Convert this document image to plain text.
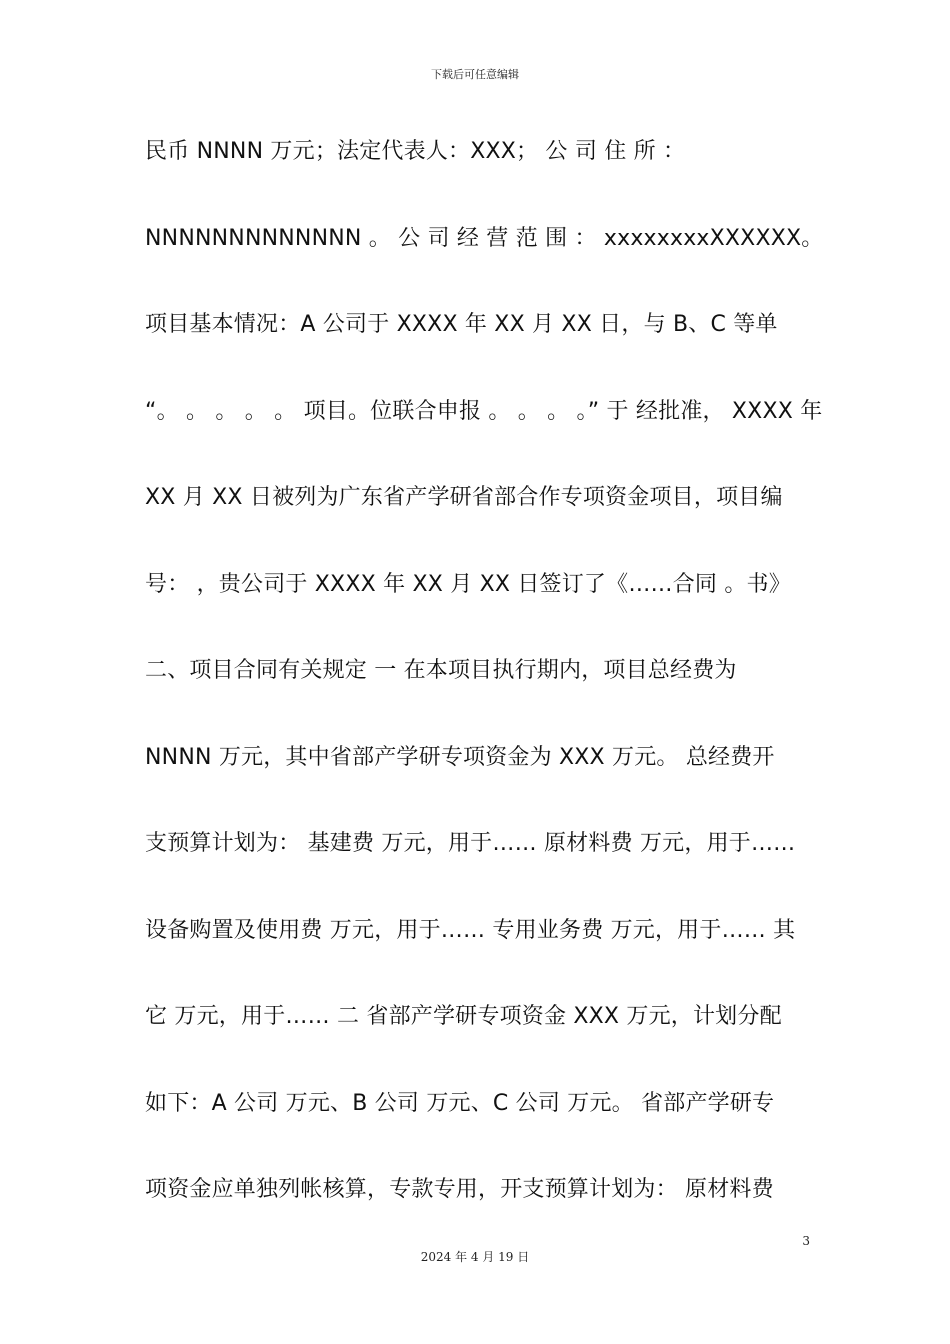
下载后可任意编辑
民币 NNNN 万元；法定代表人：XXX； 公 司 住 所 ：
NNNNNNNNNNNNN 。 公 司 经 营 范 围 ： xxxxxxxxXXXXXX。
项目基本情况：A 公司于 XXXX 年 XX 月 XX 日，与 B、C 等单
“。 。 。 。 。 项目。位联合申报 。 。 。 。” 于 经批准， XXXX 年
XX 月 XX 日被列为广东省产学研省部合作专项资金项目，项目编
号： ，贵公司于 XXXX 年 XX 月 XX 日签订了《……合同 。书》
二、项目合同有关规定 一 在本项目执行期内，项目总经费为
NNNN 万元，其中省部产学研专项资金为 XXX 万元。 总经费开
支预算计划为： 基建费 万元，用于…… 原材料费 万元，用于……
设备购置及使用费 万元，用于…… 专用业务费 万元，用于…… 其
它 万元，用于…… 二 省部产学研专项资金 XXX 万元，计划分配
如下：A 公司 万元、B 公司 万元、C 公司 万元。 省部产学研专
项资金应单独列帐核算，专款专用，开支预算计划为： 原材料费
3
2024 年 4 月 19 日
